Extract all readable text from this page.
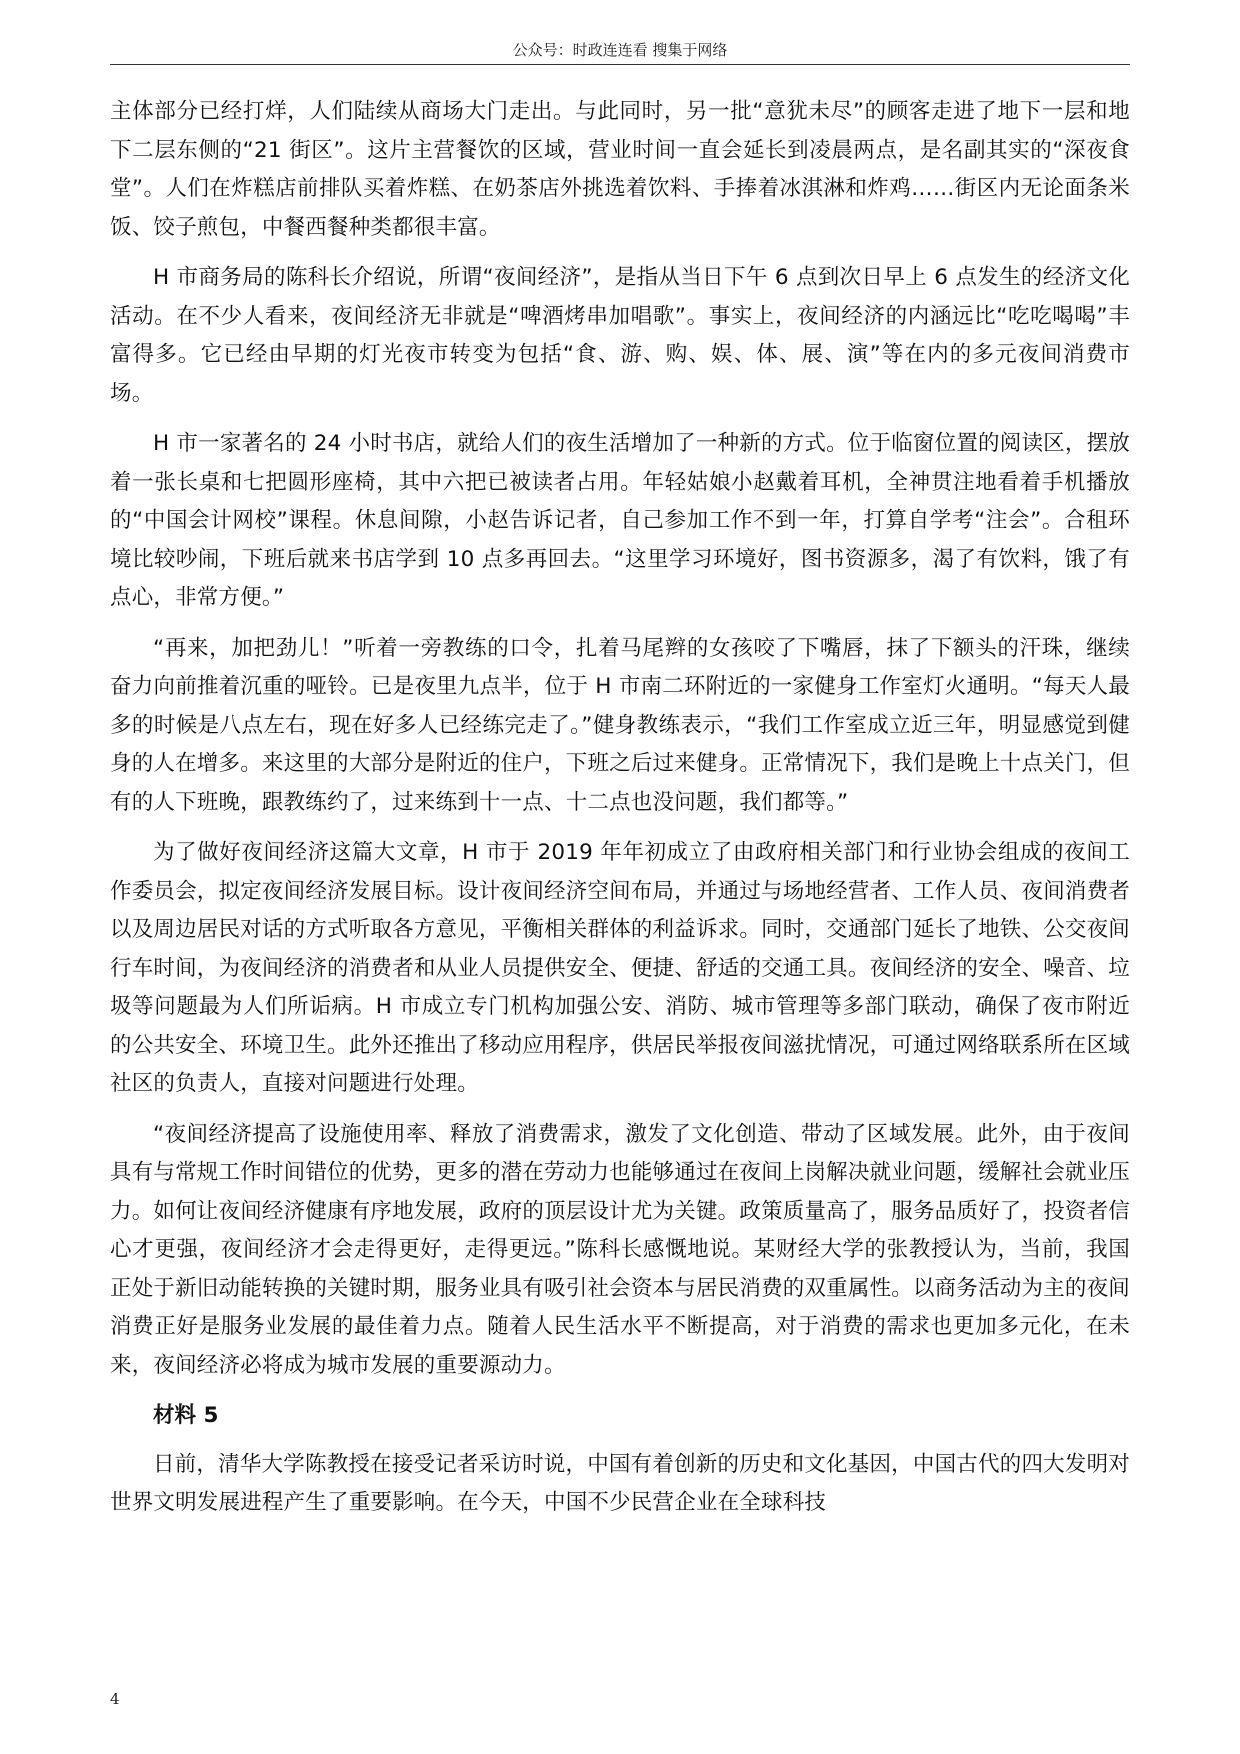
公众号：时政连连看 搜集于网络

主体部分已经打烊，人们陆续从商场大门走出。与此同时，另一批“意犹未尽”的顾客走进了地下一层和地下二层东侧的“21 街区”。这片主营餐饮的区域，营业时间一直会延长到凌晨两点，是名副其实的“深夜食堂”。人们在炸糕店前排队买着炸糕、在奶茶店外挑选着饮料、手捧着冰淇淋和炸鸡……街区内无论面条米饭、饺子煎包，中餐西餐种类都很丰富。

H 市商务局的陈科长介绍说，所谓“夜间经济”，是指从当日下午 6 点到次日早上 6 点发生的经济文化活动。在不少人看来，夜间经济无非就是“啤酒烤串加唱歌”。事实上，夜间经济的内涵远比“吃吃喝喝”丰富得多。它已经由早期的灯光夜市转变为包括“食、游、购、娱、体、展、演”等在内的多元夜间消费市场。

H 市一家著名的 24 小时书店，就给人们的夜生活增加了一种新的方式。位于临窗位置的阅读区，摆放着一张长桌和七把圆形座椅，其中六把已被读者占用。年轻姑娘小赵戴着耳机，全神贯注地看着手机播放的“中国会计网校”课程。休息间隙，小赵告诉记者，自己参加工作不到一年，打算自学考“注会”。合租环境比较吵闹，下班后就来书店学到 10 点多再回去。“这里学习环境好，图书资源多，渴了有饮料，饿了有点心，非常方便。”

“再来，加把劲儿！”听着一旁教练的口令，扎着马尾辫的女孩咬了下嘴唇，抹了下额头的汗珠，继续奋力向前推着沉重的哑铃。已是夜里九点半，位于 H 市南二环附近的一家健身工作室灯火通明。“每天人最多的时候是八点左右，现在好多人已经练完走了。”健身教练表示，“我们工作室成立近三年，明显感觉到健身的人在增多。来这里的大部分是附近的住户，下班之后过来健身。正常情况下，我们是晚上十点关门，但有的人下班晚，跟教练约了，过来练到十一点、十二点也没问题，我们都等。”

为了做好夜间经济这篇大文章，H 市于 2019 年年初成立了由政府相关部门和行业协会组成的夜间工作委员会，拟定夜间经济发展目标。设计夜间经济空间布局，并通过与场地经营者、工作人员、夜间消费者以及周边居民对话的方式听取各方意见，平衡相关群体的利益诉求。同时，交通部门延长了地铁、公交夜间行车时间，为夜间经济的消费者和从业人员提供安全、便捷、舒适的交通工具。夜间经济的安全、噪音、垃圾等问题最为人们所诟病。H 市成立专门机构加强公安、消防、城市管理等多部门联动，确保了夜市附近的公共安全、环境卫生。此外还推出了移动应用程序，供居民举报夜间滋扰情况，可通过网络联系所在区域社区的负责人，直接对问题进行处理。

“夜间经济提高了设施使用率、释放了消费需求，激发了文化创造、带动了区域发展。此外，由于夜间具有与常规工作时间错位的优势，更多的潜在劳动力也能够通过在夜间上岗解决就业问题，缓解社会就业压力。如何让夜间经济健康有序地发展，政府的顶层设计尤为关键。政策质量高了，服务品质好了，投资者信心才更强，夜间经济才会走得更好，走得更远。”陈科长感慨地说。某财经大学的张教授认为，当前，我国正处于新旧动能转换的关键时期，服务业具有吸引社会资本与居民消费的双重属性。以商务活动为主的夜间消费正好是服务业发展的最佳着力点。随着人民生活水平不断提高，对于消费的需求也更加多元化，在未来，夜间经济必将成为城市发展的重要源动力。

材料 5

日前，清华大学陈教授在接受记者采访时说，中国有着创新的历史和文化基因，中国古代的四大发明对世界文明发展进程产生了重要影响。在今天，中国不少民营企业在全球科技

4
